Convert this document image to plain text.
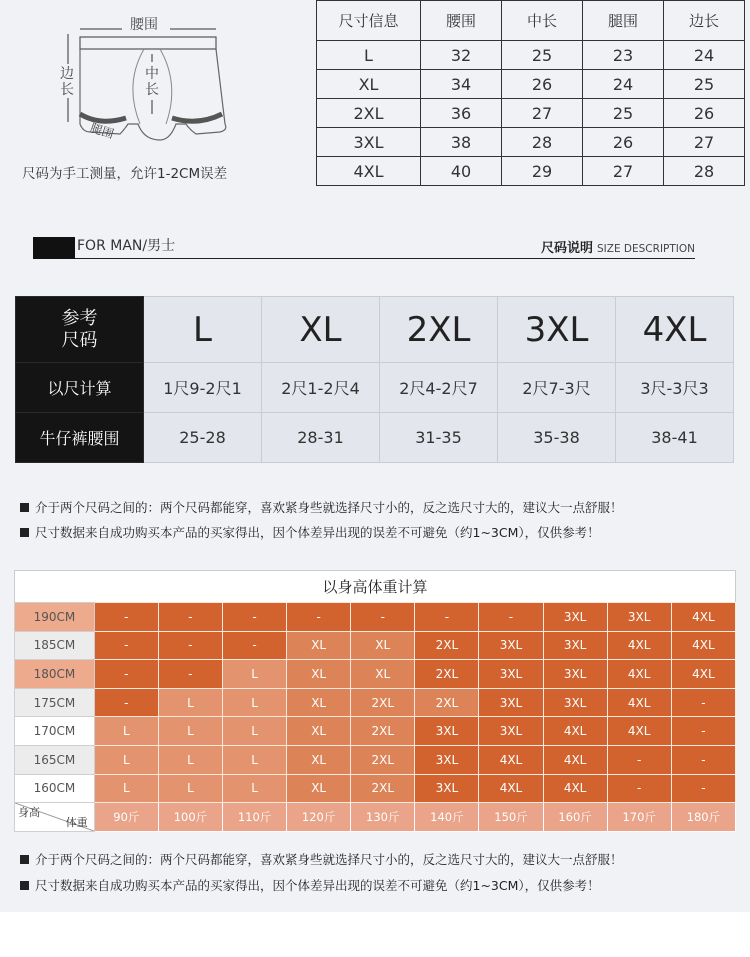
腰围
边长
中长
腿围
尺码为手工测量，允许1-2CM误差
尺寸信息	腰围	中长	腿围	边长
L	32	25	23	24
XL	34	26	24	25
2XL	36	27	25	26
3XL	38	28	26	27
4XL	40	29	27	28
FOR MAN/男士	尺码说明 SIZE DESCRIPTION
参考
尺码	L	XL	2XL	3XL	4XL
以尺计算	1尺9-2尺1	2尺1-2尺4	2尺4-2尺7	2尺7-3尺	3尺-3尺3
牛仔裤腰围	25-28	28-31	31-35	35-38	38-41
介于两个尺码之间的：两个尺码都能穿，喜欢紧身些就选择尺寸小的，反之选尺寸大的，建议大一点舒服！
尺寸数据来自成功购买本产品的买家得出，因个体差异出现的误差不可避免（约1~3CM），仅供参考！
以身高体重计算
190CM	-	-	-	-	-	-	-	3XL	3XL	4XL
185CM	-	-	-	XL	XL	2XL	3XL	3XL	4XL	4XL
180CM	-	-	L	XL	XL	2XL	3XL	3XL	4XL	4XL
175CM	-	L	L	XL	2XL	2XL	3XL	3XL	4XL	-
170CM	L	L	L	XL	2XL	3XL	3XL	4XL	4XL	-
165CM	L	L	L	XL	2XL	3XL	4XL	4XL	-	-
160CM	L	L	L	XL	2XL	3XL	4XL	4XL	-	-

身高
体重	90斤	100斤	110斤	120斤	130斤	140斤	150斤	160斤	170斤	180斤
介于两个尺码之间的：两个尺码都能穿，喜欢紧身些就选择尺寸小的，反之选尺寸大的，建议大一点舒服！
尺寸数据来自成功购买本产品的买家得出，因个体差异出现的误差不可避免（约1~3CM），仅供参考！
